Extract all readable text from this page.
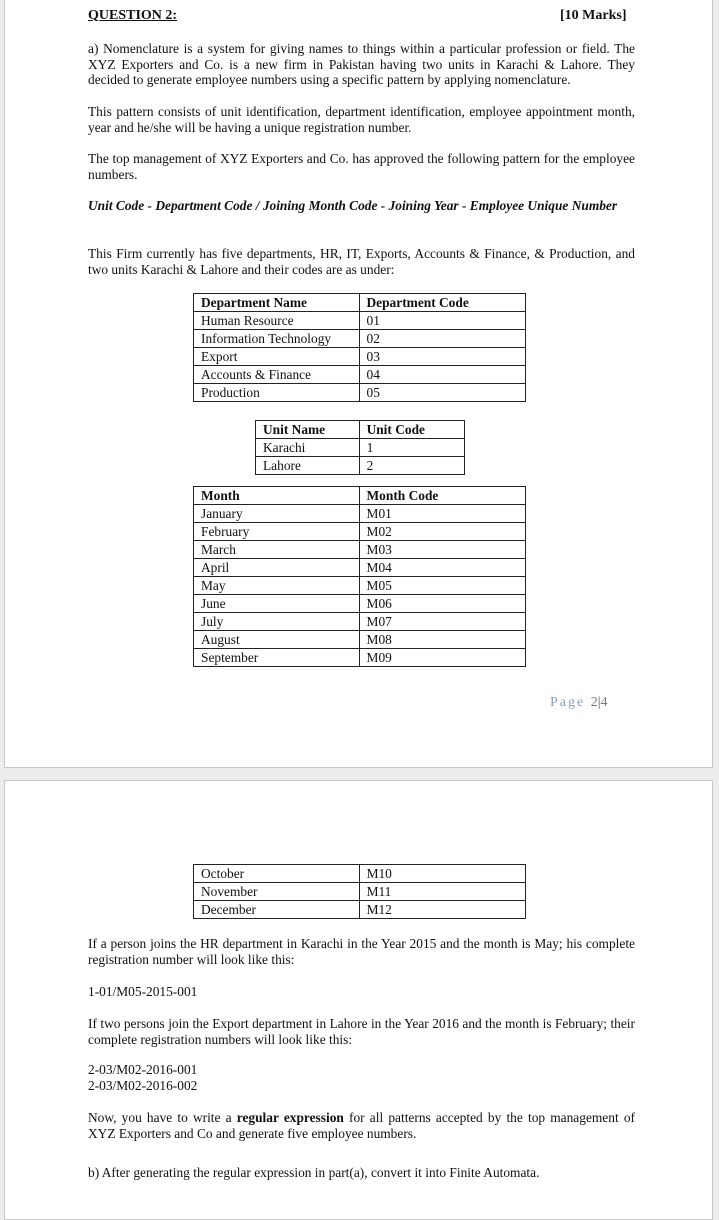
QUESTION 2:	[10 Marks]

a) Nomenclature is a system for giving names to things within a particular profession or field. The XYZ Exporters and Co. is a new firm in Pakistan having two units in Karachi & Lahore. They decided to generate employee numbers using a specific pattern by applying nomenclature.

This pattern consists of unit identification, department identification, employee appointment month, year and he/she will be having a unique registration number.

The top management of XYZ Exporters and Co. has approved the following pattern for the employee numbers.

Unit Code - Department Code / Joining Month Code - Joining Year - Employee Unique Number

This Firm currently has five departments, HR, IT, Exports, Accounts & Finance, & Production, and two units Karachi & Lahore and their codes are as under:

Department Name	Department Code
Human Resource	01
Information Technology	02
Export	03
Accounts & Finance	04
Production	05
Unit Name	Unit Code
Karachi	1
Lahore	2
Month	Month Code
January	M01
February	M02
March	M03
April	M04
May	M05
June	M06
July	M07
August	M08
September	M09
Page 2|4
October	M10
November	M11
December	M12

If a person joins the HR department in Karachi in the Year 2015 and the month is May; his complete registration number will look like this:

1-01/M05-2015-001

If two persons join the Export department in Lahore in the Year 2016 and the month is February; their complete registration numbers will look like this:

2-03/M02-2016-001

2-03/M02-2016-002

Now, you have to write a regular expression for all patterns accepted by the top management of XYZ Exporters and Co and generate five employee numbers.

b) After generating the regular expression in part(a), convert it into Finite Automata.
